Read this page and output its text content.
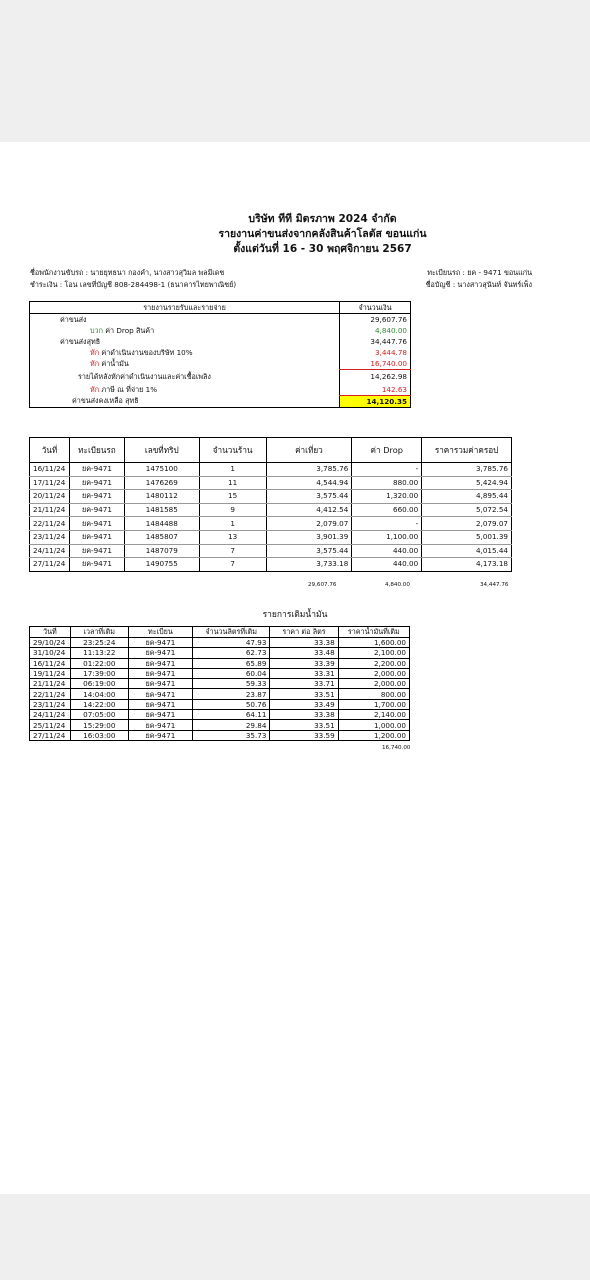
บริษัท ทีที มิตรภาพ 2024 จำกัด
รายงานค่าขนส่งจากคลังสินค้าโลตัส ขอนแก่น
ตั้งแต่วันที่ 16 - 30 พฤศจิกายน 2567
ชื่อพนักงานขับรถ : นายยุทธนา กองคำ, นางสาวสุวิมล พลมีเดช
ชำระเงิน : โอน เลขที่บัญชี 808-284498-1 (ธนาคารไทยพาณิชย์)
ทะเบียนรถ : ยค - 9471 ขอนแก่น
ชื่อบัญชี : นางสาวสุนันท์ จันทร์เพ็ง
รายงานรายรับและรายจ่าย	จำนวนเงิน
ค่าขนส่ง	29,607.76
บวก ค่า Drop สินค้า	4,840.00
ค่าขนส่งสุทธิ	34,447.76
หัก ค่าดำเนินงานของบริษัท 10%	3,444.78
หัก ค่าน้ำมัน	16,740.00
รายได้หลังหักค่าดำเนินงานและค่าเชื้อเพลิง	14,262.98
หัก ภาษี ณ ที่จ่าย 1%	142.63
ค่าขนส่งคงเหลือ สุทธิ	14,120.35
วันที่	ทะเบียนรถ	เลขที่ทริป	จำนวนร้าน	ค่าเที่ยว	ค่า Drop	ราคารวมค่าครอป
16/11/24	ยค-9471	1475100	1	3,785.76	-	3,785.76
17/11/24	ยค-9471	1476269	11	4,544.94	880.00	5,424.94
20/11/24	ยค-9471	1480112	15	3,575.44	1,320.00	4,895.44
21/11/24	ยค-9471	1481585	9	4,412.54	660.00	5,072.54
22/11/24	ยค-9471	1484488	1	2,079.07	-	2,079.07
23/11/24	ยค-9471	1485807	13	3,901.39	1,100.00	5,001.39
24/11/24	ยค-9471	1487079	7	3,575.44	440.00	4,015.44
27/11/24	ยค-9471	1490755	7	3,733.18	440.00	4,173.18
29,607.76	4,840.00	34,447.76
รายการเติมน้ำมัน
วันที่	เวลาที่เติม	ทะเบียน	จำนวนลิตรที่เติม	ราคา ต่อ ลิตร	ราคาน้ำมันที่เติม
29/10/24	23:25:24	ยค-9471	47.93	33.38	1,600.00
31/10/24	11:13:22	ยค-9471	62.73	33.48	2,100.00
16/11/24	01:22:00	ยค-9471	65.89	33.39	2,200.00
19/11/24	17:39:00	ยค-9471	60.04	33.31	2,000.00
21/11/24	06:19:00	ยค-9471	59.33	33.71	2,000.00
22/11/24	14:04:00	ยค-9471	23.87	33.51	800.00
23/11/24	14:22:00	ยค-9471	50.76	33.49	1,700.00
24/11/24	07:05:00	ยค-9471	64.11	33.38	2,140.00
25/11/24	15:29:00	ยค-9471	29.84	33.51	1,000.00
27/11/24	16:03:00	ยค-9471	35.73	33.59	1,200.00
16,740.00
